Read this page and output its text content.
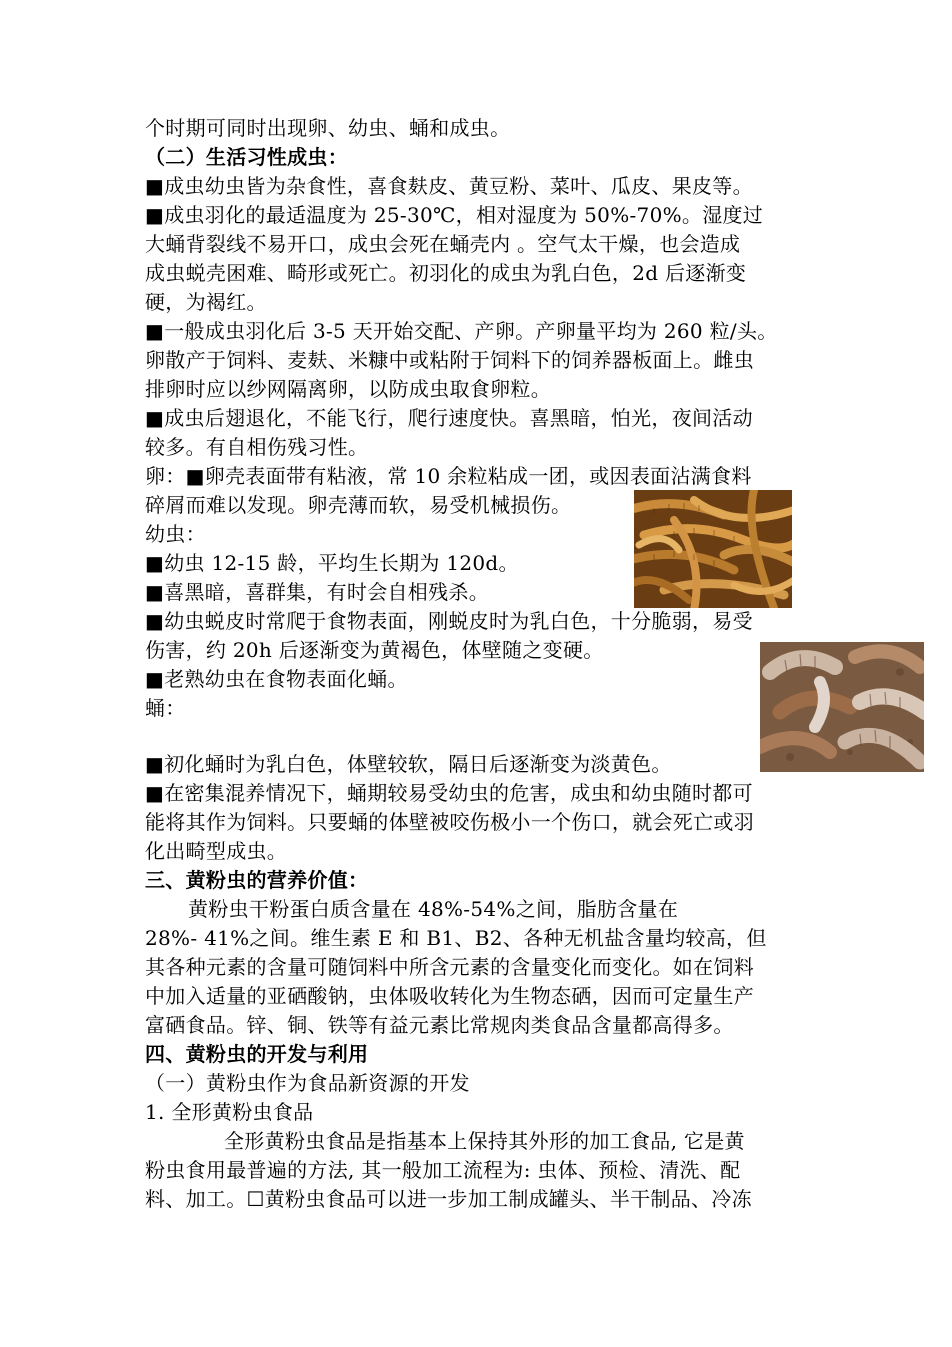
个时期可同时出现卵、幼虫、蛹和成虫。
（二）生活习性成虫：
■成虫幼虫皆为杂食性，喜食麸皮、黄豆粉、菜叶、瓜皮、果皮等。
■成虫羽化的最适温度为 25-30℃，相对湿度为 50%-70%。湿度过
大蛹背裂线不易开口，成虫会死在蛹壳内 。空气太干燥，也会造成
成虫蜕壳困难、畸形或死亡。初羽化的成虫为乳白色，2d 后逐渐变
硬，为褐红。
■一般成虫羽化后 3-5 天开始交配、产卵。产卵量平均为 260 粒/头。
卵散产于饲料、麦麸、米糠中或粘附于饲料下的饲养器板面上。雌虫
排卵时应以纱网隔离卵，以防成虫取食卵粒。
■成虫后翅退化，不能飞行，爬行速度快。喜黑暗，怕光，夜间活动
较多。有自相伤残习性。
卵：■卵壳表面带有粘液，常 10 余粒粘成一团，或因表面沾满食料
碎屑而难以发现。卵壳薄而软，易受机械损伤。
幼虫：
■幼虫 12-15 龄，平均生长期为 120d。
■喜黑暗，喜群集，有时会自相残杀。
■幼虫蜕皮时常爬于食物表面，刚蜕皮时为乳白色，十分脆弱，易受
伤害，约 20h 后逐渐变为黄褐色，体壁随之变硬。
■老熟幼虫在食物表面化蛹。
蛹：
■初化蛹时为乳白色，体壁较软，隔日后逐渐变为淡黄色。
■在密集混养情况下，蛹期较易受幼虫的危害，成虫和幼虫随时都可
能将其作为饲料。只要蛹的体壁被咬伤极小一个伤口，就会死亡或羽
化出畸型成虫。
三、黄粉虫的营养价值：
黄粉虫干粉蛋白质含量在 48%-54%之间，脂肪含量在
28%- 41%之间。维生素 E 和 B1、B2、各种无机盐含量均较高，但
其各种元素的含量可随饲料中所含元素的含量变化而变化。如在饲料
中加入适量的亚硒酸钠，虫体吸收转化为生物态硒，因而可定量生产
富硒食品。锌、铜、铁等有益元素比常规肉类食品含量都高得多。
四、黄粉虫的开发与利用
（一）黄粉虫作为食品新资源的开发
1. 全形黄粉虫食品
全形黄粉虫食品是指基本上保持其外形的加工食品, 它是黄
粉虫食用最普遍的方法, 其一般加工流程为: 虫体、预检、清洗、配
料、加工。☐黄粉虫食品可以进一步加工制成罐头、半干制品、冷冻
